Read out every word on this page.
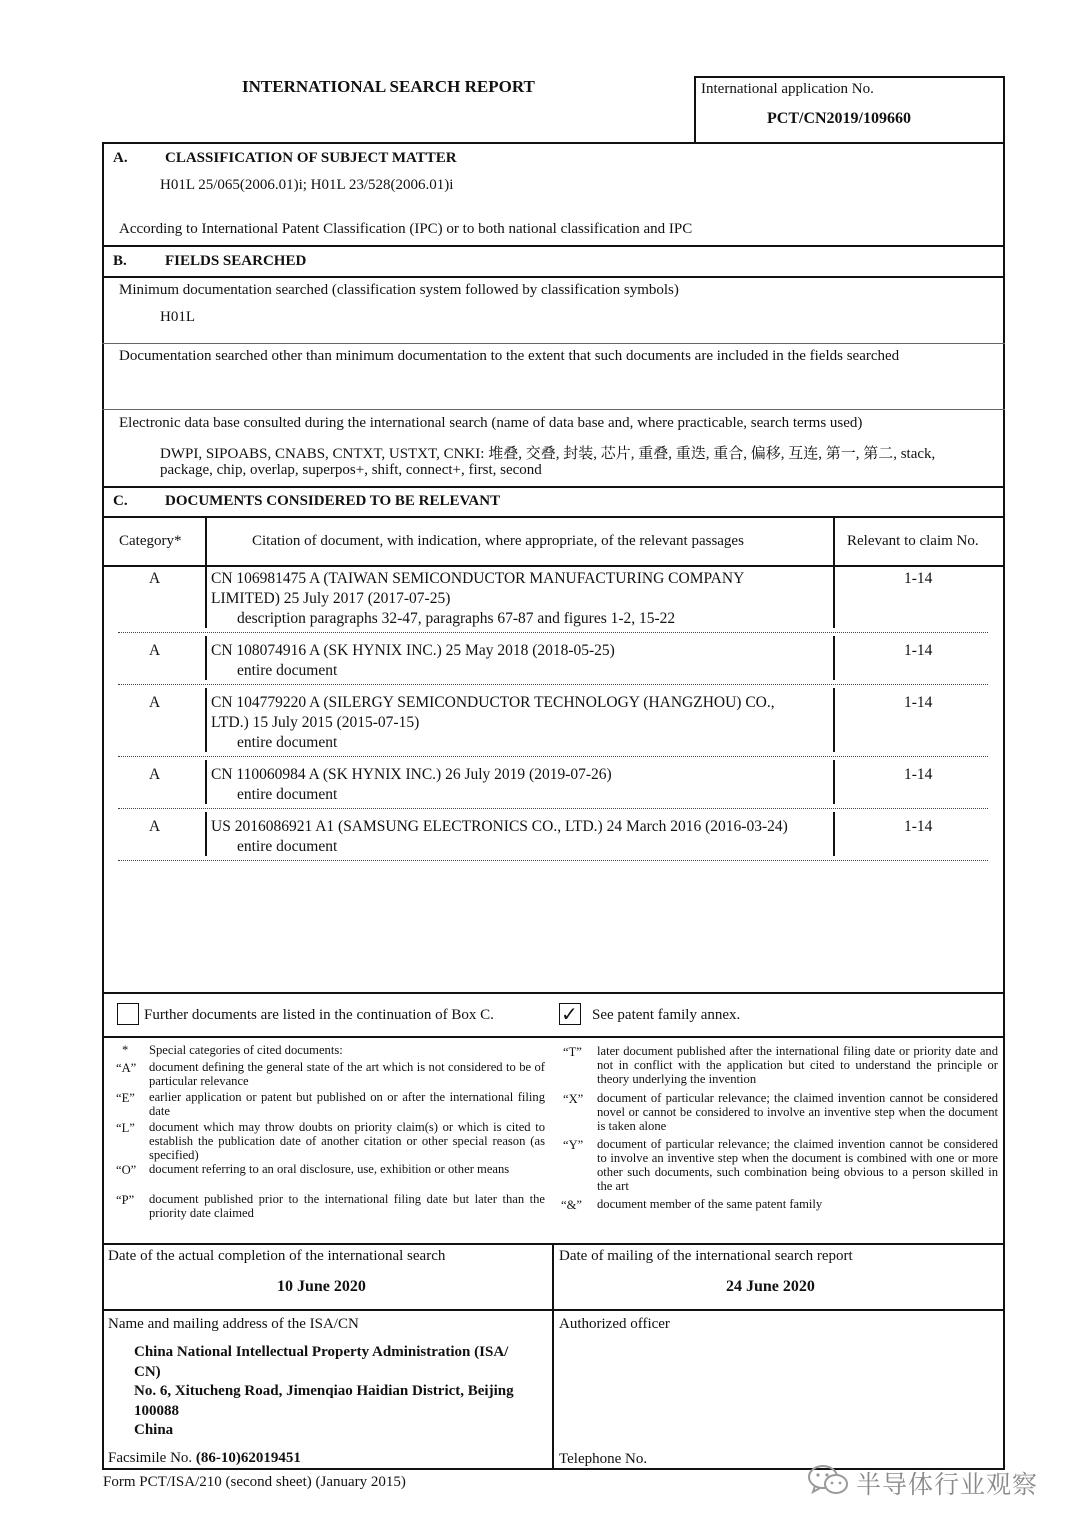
INTERNATIONAL SEARCH REPORT	International application No.
PCT/CN2019/109660
A. CLASSIFICATION OF SUBJECT MATTER
H01L 25/065(2006.01)i; H01L 23/528(2006.01)i
According to International Patent Classification (IPC) or to both national classification and IPC
B.	FIELDS SEARCHED
Minimum documentation searched (classification system followed by classification symbols)
H01L
Documentation searched other than minimum documentation to the extent that such documents are included in the fields searched
Electronic data base consulted during the international search (name of data base and, where practicable, search terms used)
DWPI, SIPOABS, CNABS, CNTXT, USTXT, CNKI: 堆叠, 交叠, 封装, 芯片, 重叠, 重迭, 重合, 偏移, 互连, 第一, 第二, stack,
package, chip, overlap, superpos+, shift, connect+, first, second
C. DOCUMENTS CONSIDERED TO BE RELEVANT
Category*	Citation of document, with indication, where appropriate, of the relevant passages	Relevant to claim No.
A	CN 106981475 A (TAIWAN SEMICONDUCTOR MANUFACTURING COMPANY
LIMITED) 25 July 2017 (2017-07-25)
description paragraphs 32-47, paragraphs 67-87 and figures 1-2, 15-22
1-14
A	CN 108074916 A (SK HYNIX INC.) 25 May 2018 (2018-05-25)
entire document
1-14
A	CN 104779220 A (SILERGY SEMICONDUCTOR TECHNOLOGY (HANGZHOU) CO.,
LTD.) 15 July 2015 (2015-07-15)
entire document
1-14
A	CN 110060984 A (SK HYNIX INC.) 26 July 2019 (2019-07-26)
entire document
1-14
A	US 2016086921 A1 (SAMSUNG ELECTRONICS CO., LTD.) 24 March 2016 (2016-03-24)
entire document
1-14
Further documents are listed in the continuation of Box C.	✓ See patent family annex.
* Special categories of cited documents:
“A” document defining the general state of the art which is not considered to be of particular relevance
“E” earlier application or patent but published on or after the international filing date
“L” document which may throw doubts on priority claim(s) or which is cited to establish the publication date of another citation or other special reason (as specified)
“O” document referring to an oral disclosure, use, exhibition or other means
“P” document published prior to the international filing date but later than the priority date claimed
“T” later document published after the international filing date or priority date and not in conflict with the application but cited to understand the principle or theory underlying the invention
“X” document of particular relevance; the claimed invention cannot be considered novel or cannot be considered to involve an inventive step when the document is taken alone
“Y” document of particular relevance; the claimed invention cannot be considered to involve an inventive step when the document is combined with one or more other such documents, such combination being obvious to a person skilled in the art
“&” document member of the same patent family
Date of the actual completion of the international search
10 June 2020
Date of mailing of the international search report
24 June 2020
Name and mailing address of the ISA/CN
China National Intellectual Property Administration (ISA/
CN)
No. 6, Xitucheng Road, Jimenqiao Haidian District, Beijing
100088
China
Facsimile No. (86-10)62019451
Authorized officer
Telephone No.
Form PCT/ISA/210 (second sheet) (January 2015)	半导体行业观察
